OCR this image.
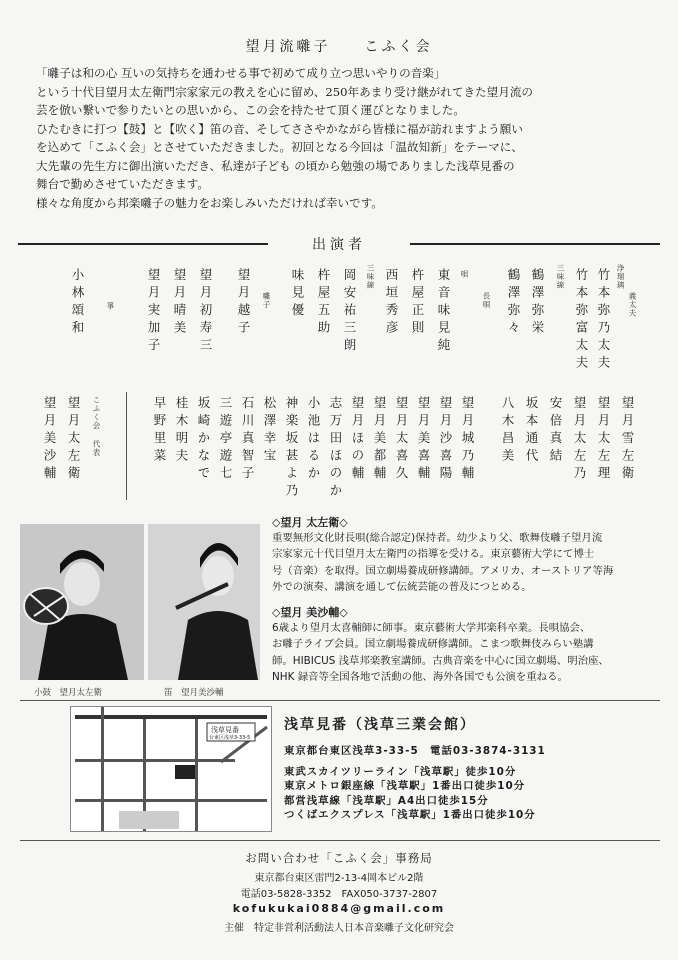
望月流囃子　　こふく会
「囃子は和の心 互いの気持ちを通わせる事で初めて成り立つ思いやりの音楽」
という十代目望月太左衛門宗家家元の教えを心に留め、250年あまり受け継がれてきた望月流の
芸を倣い繋いで参りたいとの思いから、この会を持たせて頂く運びとなりました。
ひたむきに打つ【鼓】と【吹く】笛の音、そしてささやかながら皆様に福が訪れますよう願い
を込めて「こふく会」とさせていただきました。初回となる今回は「温故知新」をテーマに、
大先輩の先生方に御出演いただき、私達が子ども の頃から勉強の場でありました浅草見番の
舞台で勤めさせていただきます。
様々な角度から邦楽囃子の魅力をお楽しみいただければ幸いです。
出演者
義太夫
浄瑠璃
竹本弥乃太夫
竹本弥富太夫
三味線
鶴澤弥栄
鶴澤弥々
長唄
唄
東音味見純
杵屋正則
西垣秀彦
三味線
岡安祐三朗
杵屋五助
味見優
囃子
望月越子
望月初寿三
望月晴美
望月実加子
箏
小林頌和
望月雪左衛
望月太左理
望月太左乃
安倍真結
坂本通代
八木昌美
望月城乃輔
望月沙喜陽
望月美喜輔
望月太喜久
望月美都輔
望月ほの輔
志万田ほのか
小池はるか
神楽坂甚よ乃
松澤幸宝
石川真智子
三遊亭遊七
坂崎かなで
桂木明夫
早野里菜
こふく会 代表
望月太左衛
望月美沙輔
小鼓　望月太左衛	笛　望月美沙輔
◇望月 太左衛◇
重要無形文化財長唄(総合認定)保持者。幼少より父、歌舞伎囃子望月流
宗家家元十代目望月太左衛門の指導を受ける。東京藝術大学にて博士
号（音楽）を取得。国立劇場養成研修講師。アメリカ、オーストリア等海
外での演奏、講演を通して伝統芸能の普及につとめる。
◇望月 美沙輔◇
6歳より望月太喜輔師に師事。東京藝術大学邦楽科卒業。長唄協会、
お囃子ライブ会員。国立劇場養成研修講師。こまつ歌舞伎みらい塾講
師。HIBICUS 浅草邦楽教室講師。古典音楽を中心に国立劇場、明治座、
NHK 録音等全国各地で活動の他、海外各国でも公演を重ねる。
浅草見番
台東区浅草3-33-5
浅草見番（浅草三業会館）
東京都台東区浅草3-33-5　電話03-3874-3131
東武スカイツリーライン「浅草駅」徒歩10分
東京メトロ銀座線「浅草駅」1番出口徒歩10分
都営浅草線「浅草駅」A4出口徒歩15分
つくばエクスプレス「浅草駅」1番出口徒歩10分
お問い合わせ「こふく会」事務局
東京都台東区雷門2-13-4岡本ビル2階
電話03-5828-3352　FAX050-3737-2807
kofukukai0884@gmail.com
主催　特定非営利活動法人日本音楽囃子文化研究会
